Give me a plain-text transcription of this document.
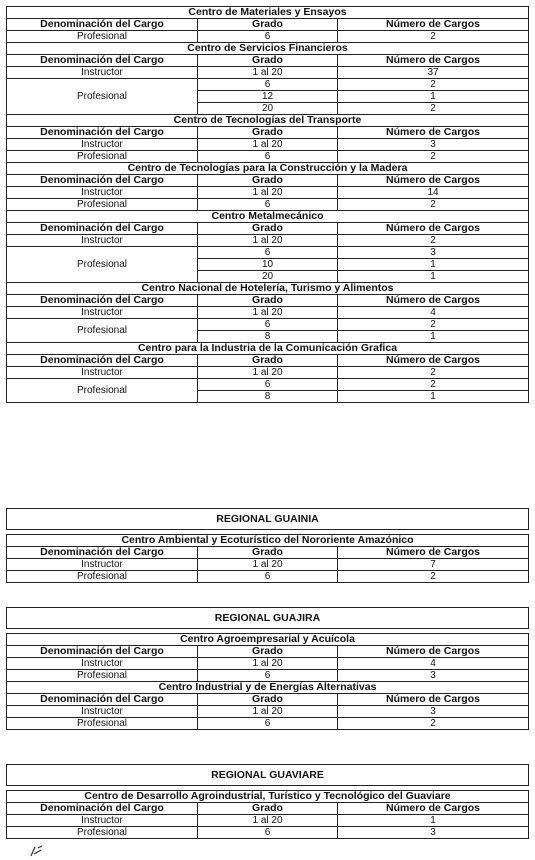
Centro de Materiales y Ensayos		
Denominación del Cargo	Grado	Número de Cargos
Profesional	6	2
Centro de Servicios Financieros		
Denominación del Cargo	Grado	Número de Cargos
Instructor	1 al 20	37
Profesional	6	2
	12	1
	20	2
Centro de Tecnologías del Transporte		
Denominación del Cargo	Grado	Número de Cargos
Instructor	1 al 20	3
Profesional	6	2
Centro de Tecnologías para la Construcción y la Madera		
Denominación del Cargo	Grado	Número de Cargos
Instructor	1 al 20	14
Profesional	6	2
Centro Metalmecánico		
Denominación del Cargo	Grado	Número de Cargos
Instructor	1 al 20	2
Profesional	6	3
	10	1
	20	1
Centro Nacional de Hotelería, Turismo y Alimentos		
Denominación del Cargo	Grado	Número de Cargos
Instructor	1 al 20	4
Profesional	6	2
	8	1
Centro para la Industria de la Comunicación Grafica		
Denominación del Cargo	Grado	Número de Cargos
Instructor	1 al 20	2
Profesional	6	2
	8	1
REGIONAL GUAINIA		

Centro Ambiental y Ecoturístico del Nororiente Amazónico		
Denominación del Cargo	Grado	Número de Cargos
Instructor	1 al 20	7
Profesional	6	2
REGIONAL GUAJIRA		

Centro Agroempresarial y Acuícola		
Denominación del Cargo	Grado	Número de Cargos
Instructor	1 al 20	4
Profesional	6	3
Centro Industrial y de Energías Alternativas		
Denominación del Cargo	Grado	Número de Cargos
Instructor	1 al 20	3
Profesional	6	2
REGIONAL GUAVIARE		

Centro de Desarrollo Agroindustrial, Turístico y Tecnológico del Guaviare		
Denominación del Cargo	Grado	Número de Cargos
Instructor	1 al 20	1
Profesional	6	3
